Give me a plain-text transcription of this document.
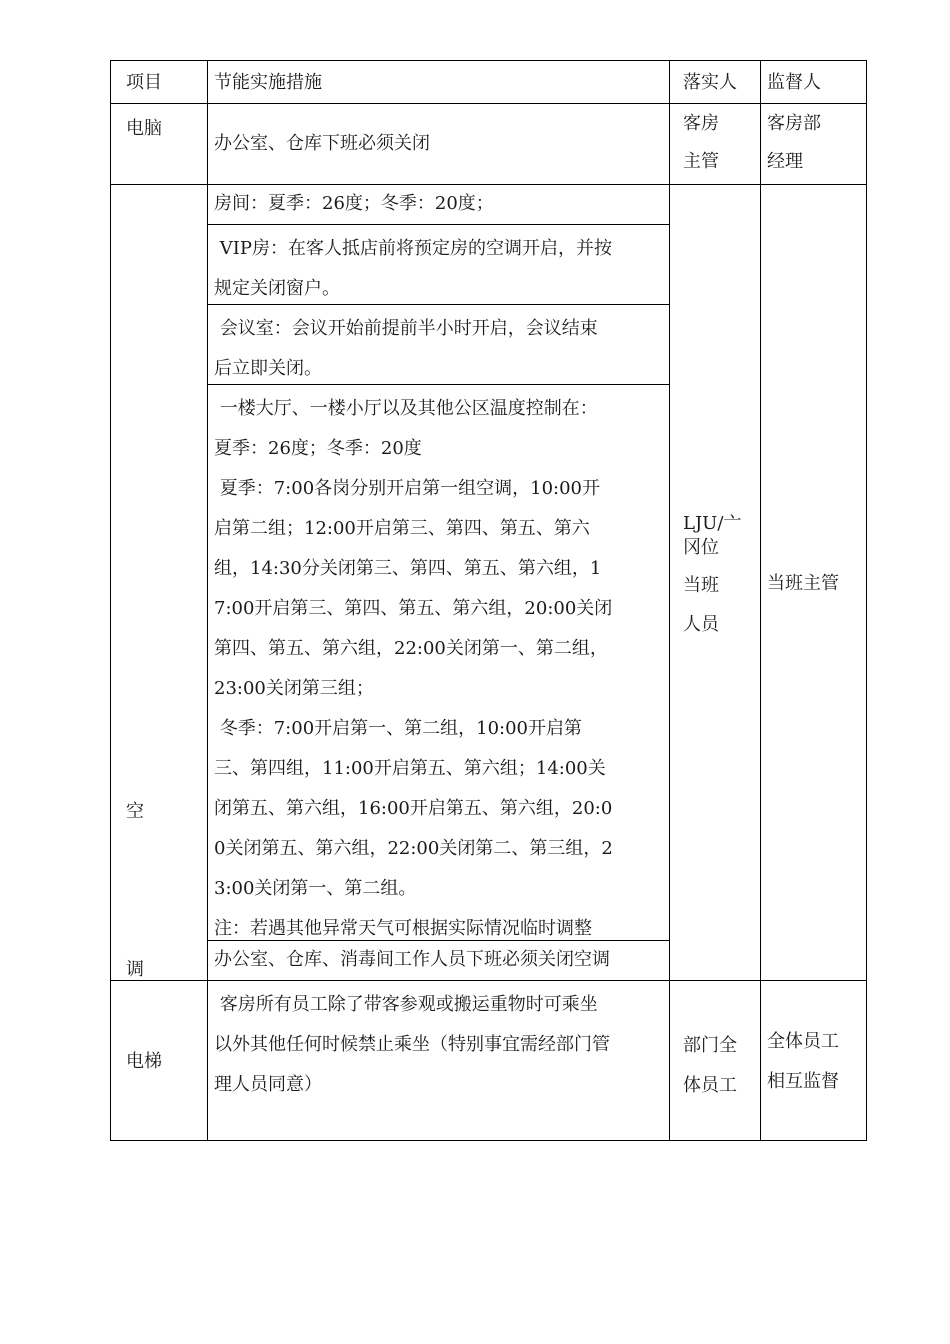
项目	节能实施措施	落实人 监督人
电脑
办公室、仓库下班必须关闭
客房
主管
客房部
经理
空
调
房间：夏季：26度；冬季：20度；
VIP房：在客人抵店前将预定房的空调开启，并按
规定关闭窗户。
会议室：会议开始前提前半小时开启，会议结束
后立即关闭。
一楼大厅、一楼小厅以及其他公区温度控制在：
夏季：26度；冬季：20度
夏季：7:00各岗分别开启第一组空调，10:00开
启第二组；12:00开启第三、第四、第五、第六
组，14:30分关闭第三、第四、第五、第六组，1
7:00开启第三、第四、第五、第六组，20:00关闭
第四、第五、第六组，22:00关闭第一、第二组，
23:00关闭第三组；
冬季：7:00开启第一、第二组，10:00开启第
三、第四组，11:00开启第五、第六组；14:00关
闭第五、第六组，16:00开启第五、第六组，20:0
0关闭第五、第六组，22:00关闭第二、第三组，2
3:00关闭第一、第二组。
注：若遇其他异常天气可根据实际情况临时调整
办公室、仓库、消毒间工作人员下班必须关闭空调
LJU/亠
冈位
当班
人员
当班主管
电梯
客房所有员工除了带客参观或搬运重物时可乘坐
以外其他任何时候禁止乘坐（特别事宜需经部门管
理人员同意）
部门全
体员工
全体员工
相互监督
